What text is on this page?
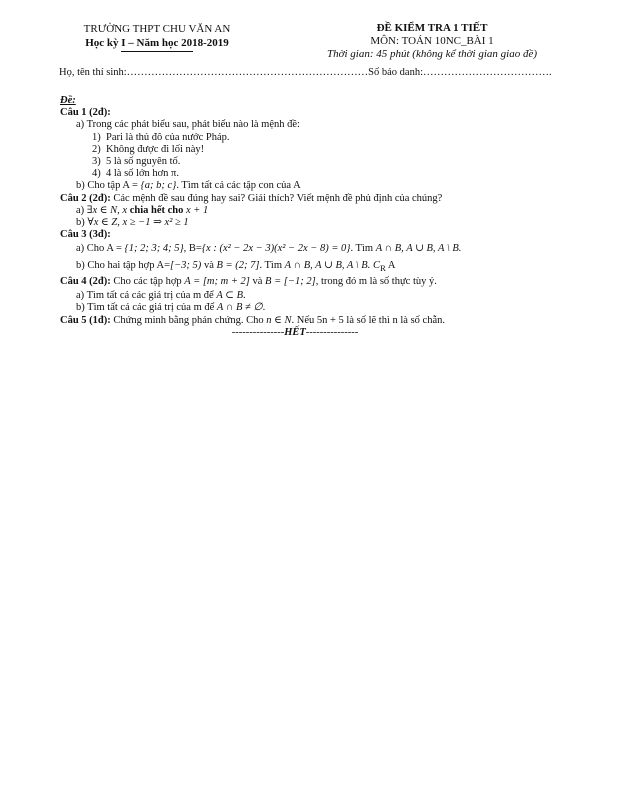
TRƯỜNG THPT CHU VĂN AN
Học kỳ I – Năm học 2018-2019
ĐỀ KIỂM TRA 1 TIẾT
MÔN: TOÁN 10NC_BÀI 1
Thời gian: 45 phút (không kể thời gian giao đề)
Họ, tên thí sinh:……………………………………………………………Số báo danh:……………………………….
Đề:
Câu 1 (2đ):
a) Trong các phát biểu sau, phát biểu nào là mệnh đề:
1) Pari là thủ đô của nước Pháp.
2) Không được đi lối này!
3) 5 là số nguyên tố.
4) 4 là số lớn hơn π.
b) Cho tập A = {a; b; c}. Tìm tất cả các tập con của A
Câu 2 (2đ): Các mệnh đề sau đúng hay sai? Giải thích? Viết mệnh đề phủ định của chúng?
a) ∃x ∈ N, x chia hết cho x + 1
b) ∀x ∈ Z, x ≥ −1 ⇒ x² ≥ 1
Câu 3 (3đ):
a) Cho A = {1; 2; 3; 4; 5}, B={x : (x² − 2x − 3)(x² − 2x − 8) = 0}. Tìm A ∩ B, A ∪ B, A \ B.
b) Cho hai tập hợp A=[−3; 5) và B = (2; 7]. Tìm A ∩ B, A ∪ B, A \ B. $C_R$ A
Câu 4 (2đ): Cho các tập hợp A = [m; m + 2] và B = [−1; 2], trong đó m là số thực tùy ý.
a) Tìm tất cả các giá trị của m để A ⊂ B.
b) Tìm tất cả các giá trị của m để A ∩ B ≠ ∅.
Câu 5 (1đ): Chứng minh bằng phản chứng. Cho n ∈ N. Nếu 5n + 5 là số lẽ thì n là số chẵn.
---------------HẾT---------------
